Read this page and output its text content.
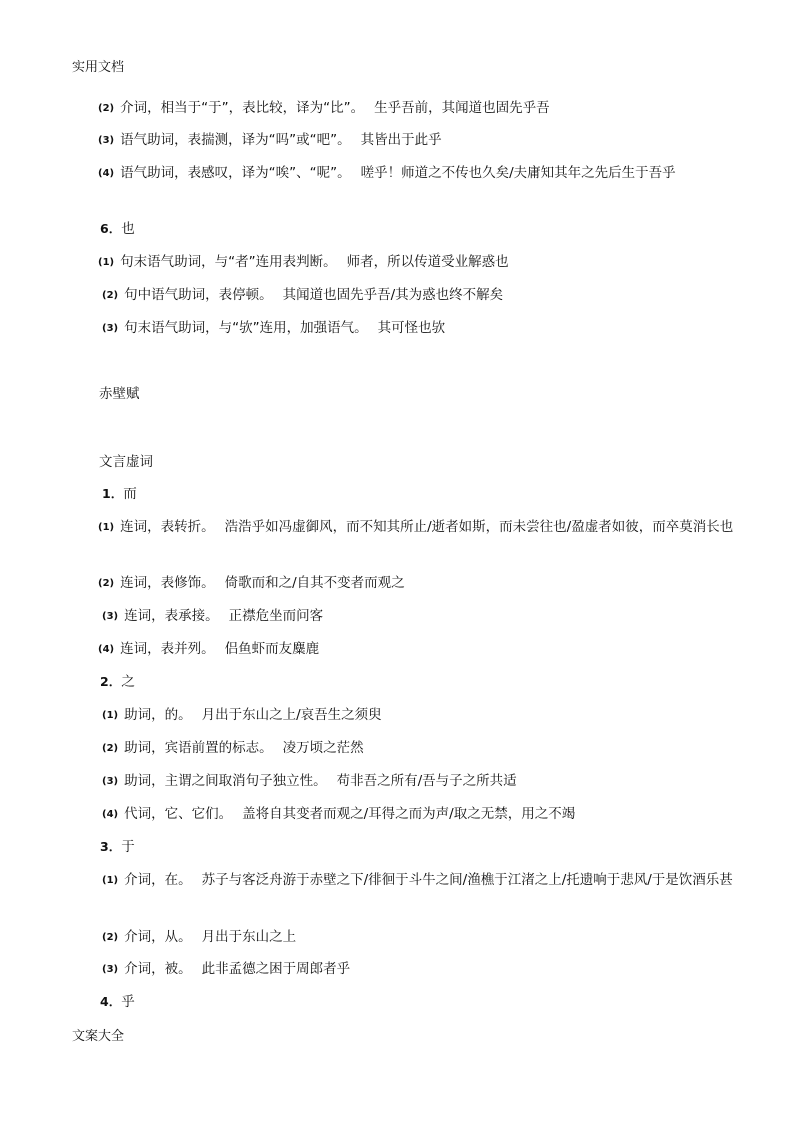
实用文档
(2) 介词，相当于“于”，表比较，译为“比”。 生乎吾前，其闻道也固先乎吾
(3) 语气助词，表揣测，译为“吗”或“吧”。 其皆出于此乎
(4) 语气助词，表感叹，译为“唉”、“呢”。 嗟乎！师道之不传也久矣/夫庸知其年之先后生于吾乎
6．也
(1) 句末语气助词，与“者”连用表判断。 师者，所以传道受业解惑也
(2) 句中语气助词，表停顿。 其闻道也固先乎吾/其为惑也终不解矣
(3) 句末语气助词，与“欤”连用，加强语气。 其可怪也欤
赤壁赋
文言虚词
1．而
(1) 连词，表转折。 浩浩乎如冯虚御风，而不知其所止/逝者如斯，而未尝往也/盈虚者如彼，而卒莫消长也
(2) 连词，表修饰。 倚歌而和之/自其不变者而观之
(3) 连词，表承接。 正襟危坐而问客
(4) 连词，表并列。 侣鱼虾而友麋鹿
2．之
(1) 助词，的。 月出于东山之上/哀吾生之须臾
(2) 助词，宾语前置的标志。 凌万顷之茫然
(3) 助词，主谓之间取消句子独立性。 苟非吾之所有/吾与子之所共适
(4) 代词，它、它们。 盖将自其变者而观之/耳得之而为声/取之无禁，用之不竭
3．于
(1) 介词，在。 苏子与客泛舟游于赤壁之下/徘徊于斗牛之间/渔樵于江渚之上/托遗响于悲风/于是饮酒乐甚
(2) 介词，从。 月出于东山之上
(3) 介词，被。 此非孟德之困于周郎者乎
4．乎
文案大全
